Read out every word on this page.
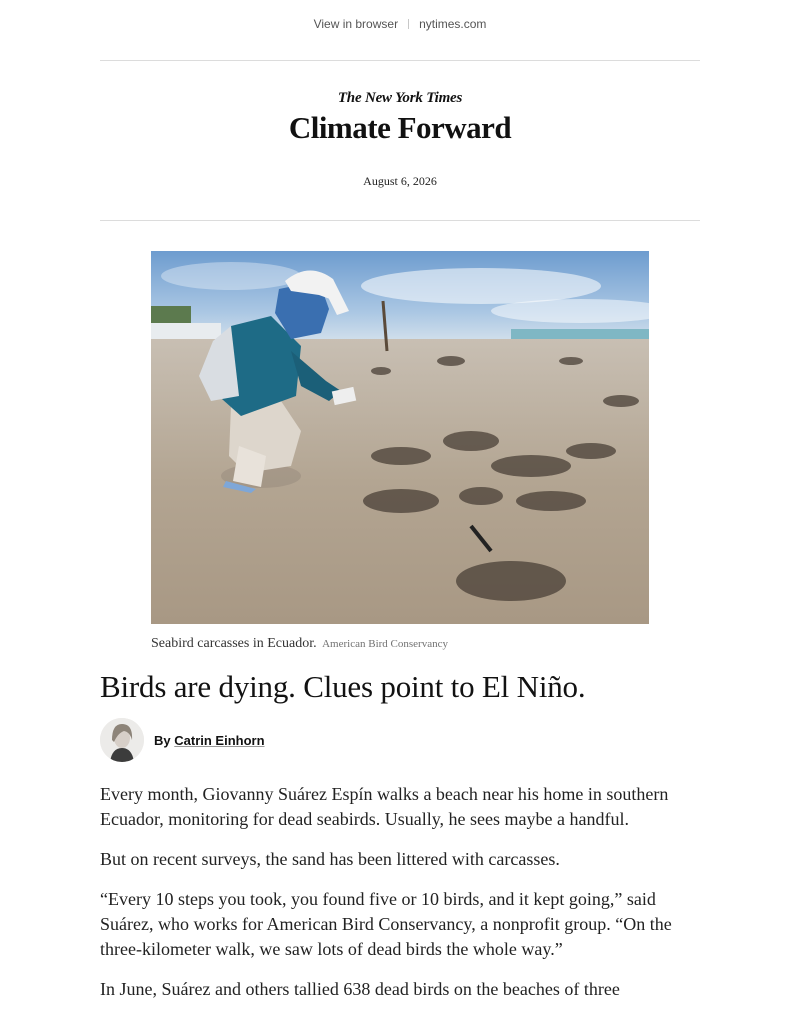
View in browser nytimes.com
The New York Times
Climate Forward
August 6, 2026
Seabird carcasses in Ecuador. American Bird Conservancy
Birds are dying. Clues point to El Niño.
By Catrin Einhorn

Every month, Giovanny Suárez Espín walks a beach near his home in southern Ecuador, monitoring for dead seabirds. Usually, he sees maybe a handful.

But on recent surveys, the sand has been littered with carcasses.

“Every 10 steps you took, you found five or 10 birds, and it kept going,” said Suárez, who works for American Bird Conservancy, a nonprofit group. “On the three-kilometer walk, we saw lots of dead birds the whole way.”

In June, Suárez and others tallied 638 dead birds on the beaches of three
